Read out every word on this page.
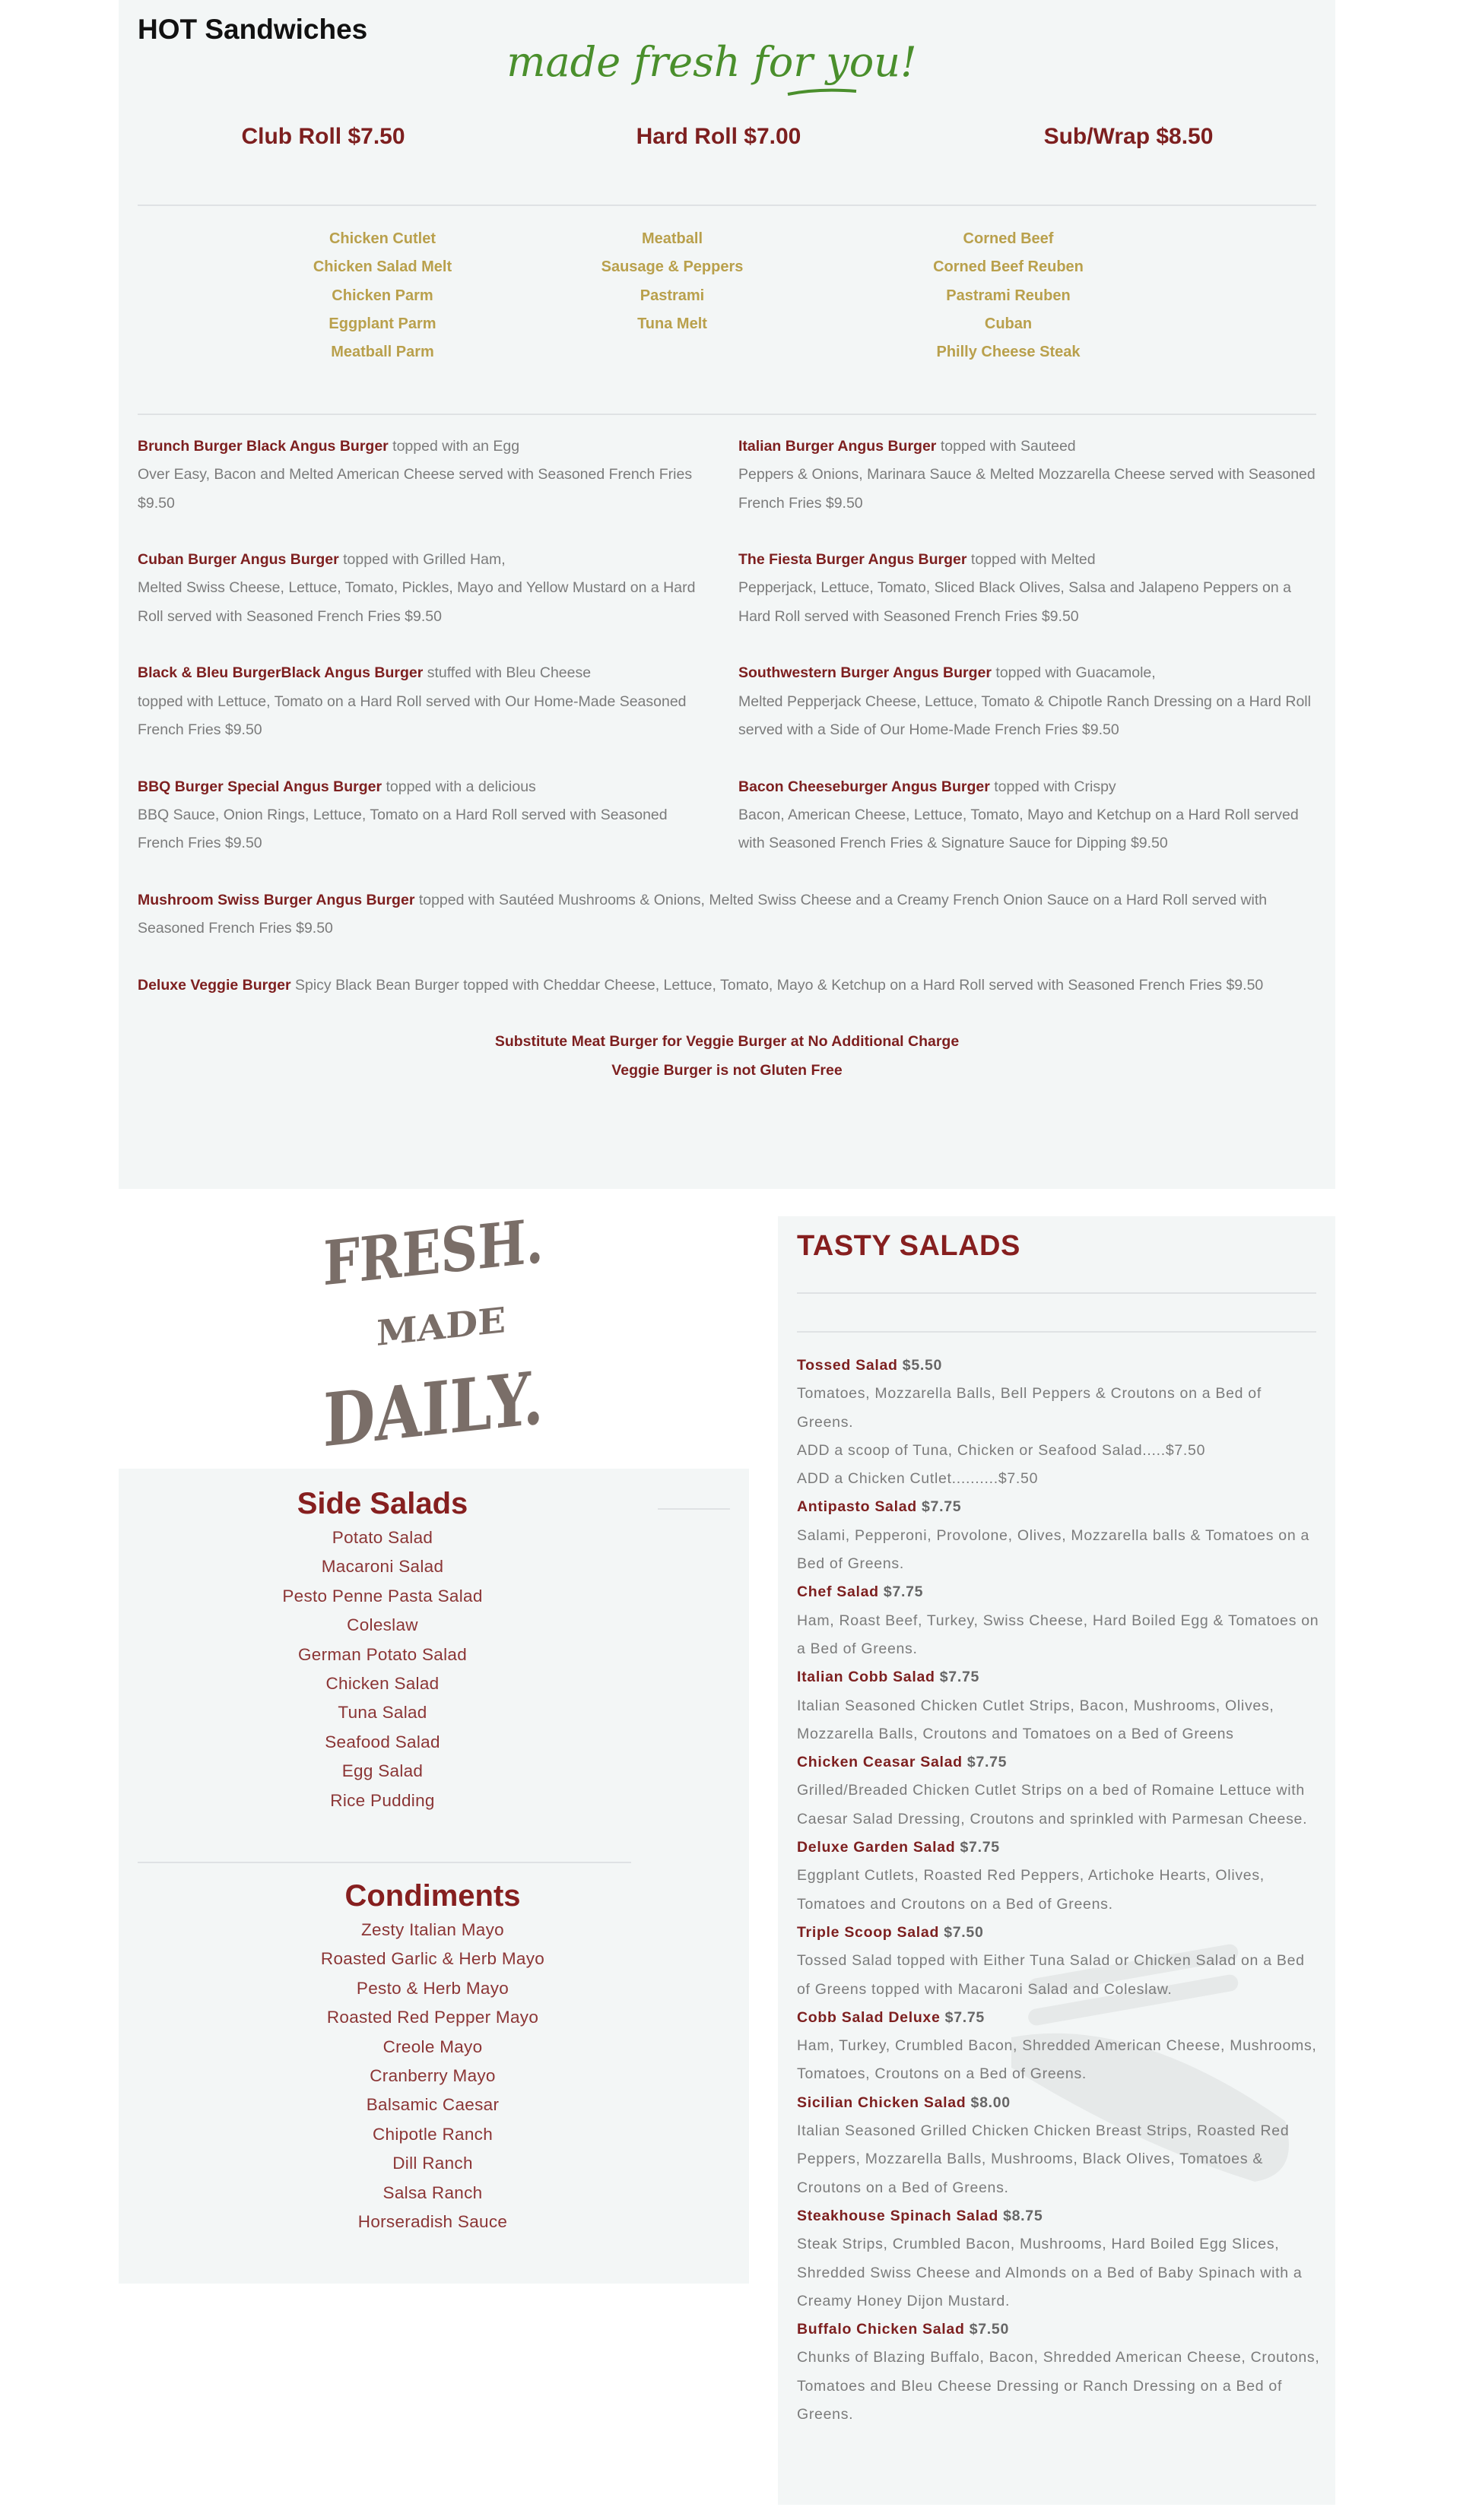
HOT Sandwiches
made fresh for you!
Club Roll $7.50	Hard Roll $7.00	Sub/Wrap $8.50
Chicken Cutlet
Chicken Salad Melt
Chicken Parm
Eggplant Parm
Meatball Parm
Meatball
Sausage & Peppers
Pastrami
Tuna Melt
Corned Beef
Corned Beef Reuben
Pastrami Reuben
Cuban
Philly Cheese Steak
Brunch Burger Black Angus Burger topped with an Egg
Over Easy, Bacon and Melted American Cheese served with Seasoned French Fries $9.50
Cuban Burger Angus Burger topped with Grilled Ham,
Melted Swiss Cheese, Lettuce, Tomato, Pickles, Mayo and Yellow Mustard on a Hard Roll served with Seasoned French Fries $9.50
Black & Bleu BurgerBlack Angus Burger stuffed with Bleu Cheese
topped with Lettuce, Tomato on a Hard Roll served with Our Home-Made Seasoned French Fries $9.50
BBQ Burger Special Angus Burger topped with a delicious
BBQ Sauce, Onion Rings, Lettuce, Tomato on a Hard Roll served with Seasoned French Fries $9.50
Italian Burger Angus Burger topped with Sauteed
Peppers & Onions, Marinara Sauce & Melted Mozzarella Cheese served with Seasoned French Fries $9.50
The Fiesta Burger Angus Burger topped with Melted
Pepperjack, Lettuce, Tomato, Sliced Black Olives, Salsa and Jalapeno Peppers on a Hard Roll served with Seasoned French Fries $9.50
Southwestern Burger Angus Burger topped with Guacamole,
Melted Pepperjack Cheese, Lettuce, Tomato & Chipotle Ranch Dressing on a Hard Roll served with a Side of Our Home-Made French Fries $9.50
Bacon Cheeseburger Angus Burger topped with Crispy
Bacon, American Cheese, Lettuce, Tomato, Mayo and Ketchup on a Hard Roll served with Seasoned French Fries & Signature Sauce for Dipping $9.50
Mushroom Swiss Burger Angus Burger topped with Sautéed Mushrooms & Onions, Melted Swiss Cheese and a Creamy French Onion Sauce on a Hard Roll served with Seasoned French Fries $9.50
Deluxe Veggie Burger Spicy Black Bean Burger topped with Cheddar Cheese, Lettuce, Tomato, Mayo & Ketchup on a Hard Roll served with Seasoned French Fries $9.50
Substitute Meat Burger for Veggie Burger at No Additional Charge
Veggie Burger is not Gluten Free
FRESH.
MADE
DAILY.
Side Salads
Potato Salad
Macaroni Salad
Pesto Penne Pasta Salad
Coleslaw
German Potato Salad
Chicken Salad
Tuna Salad
Seafood Salad
Egg Salad
Rice Pudding
Condiments
Zesty Italian Mayo
Roasted Garlic & Herb Mayo
Pesto & Herb Mayo
Roasted Red Pepper Mayo
Creole Mayo
Cranberry Mayo
Balsamic Caesar
Chipotle Ranch
Dill Ranch
Salsa Ranch
Horseradish Sauce
TASTY SALADS
Tossed Salad $5.50
Tomatoes, Mozzarella Balls, Bell Peppers & Croutons on a Bed of Greens.
ADD a scoop of Tuna, Chicken or Seafood Salad.....$7.50
ADD a Chicken Cutlet..........$7.50
Antipasto Salad $7.75
Salami, Pepperoni, Provolone, Olives, Mozzarella balls & Tomatoes on a Bed of Greens.
Chef Salad $7.75
Ham, Roast Beef, Turkey, Swiss Cheese, Hard Boiled Egg & Tomatoes on a Bed of Greens.
Italian Cobb Salad $7.75
Italian Seasoned Chicken Cutlet Strips, Bacon, Mushrooms, Olives, Mozzarella Balls, Croutons and Tomatoes on a Bed of Greens
Chicken Ceasar Salad $7.75
Grilled/Breaded Chicken Cutlet Strips on a bed of Romaine Lettuce with Caesar Salad Dressing, Croutons and sprinkled with Parmesan Cheese.
Deluxe Garden Salad $7.75
Eggplant Cutlets, Roasted Red Peppers, Artichoke Hearts, Olives, Tomatoes and Croutons on a Bed of Greens.
Triple Scoop Salad $7.50
Tossed Salad topped with Either Tuna Salad or Chicken Salad on a Bed of Greens topped with Macaroni Salad and Coleslaw.
Cobb Salad Deluxe $7.75
Ham, Turkey, Crumbled Bacon, Shredded American Cheese, Mushrooms, Tomatoes, Croutons on a Bed of Greens.
Sicilian Chicken Salad $8.00
Italian Seasoned Grilled Chicken Chicken Breast Strips, Roasted Red Peppers, Mozzarella Balls, Mushrooms, Black Olives, Tomatoes & Croutons on a Bed of Greens.
Steakhouse Spinach Salad $8.75
Steak Strips, Crumbled Bacon, Mushrooms, Hard Boiled Egg Slices, Shredded Swiss Cheese and Almonds on a Bed of Baby Spinach with a Creamy Honey Dijon Mustard.
Buffalo Chicken Salad $7.50
Chunks of Blazing Buffalo, Bacon, Shredded American Cheese, Croutons, Tomatoes and Bleu Cheese Dressing or Ranch Dressing on a Bed of Greens.
